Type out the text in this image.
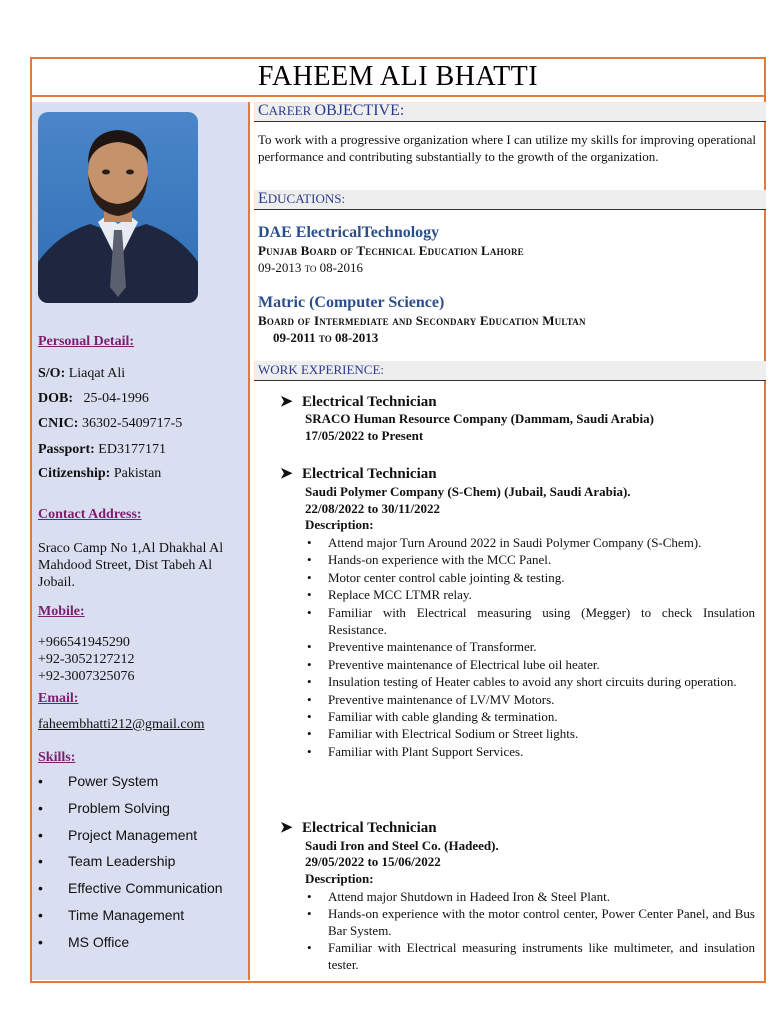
FAHEEM ALI BHATTI
Personal Detail:
S/O: Liaqat Ali
DOB:   25-04-1996
CNIC: 36302-5409717-5
Passport: ED3177171
Citizenship: Pakistan
Contact Address:
Sraco Camp No 1,Al Dhakhal Al Mahdood Street, Dist Tabeh Al Jobail.
Mobile:
+966541945290
+92-3052127212
+92-3007325076
Email:
faheembhatti212@gmail.com
Skills:
• Power System
• Problem Solving
• Project Management
• Team Leadership
• Effective Communication
• Time Management
• MS Office
CAREER OBJECTIVE:
To work with a progressive organization where I can utilize my skills for improving operational performance and contributing substantially to the growth of the organization.
EDUCATIONS:
DAE ElectricalTechnology
Punjab Board of Technical Education Lahore
09-2013 to 08-2016
Matric (Computer Science)
Board of Intermediate and Secondary Education Multan
09-2011 to 08-2013
WORK EXPERIENCE:
➤ Electrical Technician
SRACO Human Resource Company (Dammam, Saudi Arabia)
17/05/2022 to Present
➤ Electrical Technician
Saudi Polymer Company (S-Chem) (Jubail, Saudi Arabia).
22/08/2022 to 30/11/2022
Description:
• Attend major Turn Around 2022 in Saudi Polymer Company (S-Chem).
• Hands-on experience with the MCC Panel.
• Motor center control cable jointing & testing.
• Replace MCC LTMR relay.
• Familiar with Electrical measuring using (Megger) to check Insulation Resistance.
• Preventive maintenance of Transformer.
• Preventive maintenance of Electrical lube oil heater.
• Insulation testing of Heater cables to avoid any short circuits during operation.
• Preventive maintenance of LV/MV Motors.
• Familiar with cable glanding & termination.
• Familiar with Electrical Sodium or Street lights.
• Familiar with Plant Support Services.
➤ Electrical Technician
Saudi Iron and Steel Co. (Hadeed).
29/05/2022 to 15/06/2022
Description:
• Attend major Shutdown in Hadeed Iron & Steel Plant.
• Hands-on experience with the motor control center, Power Center Panel, and Bus Bar System.
• Familiar with Electrical measuring instruments like multimeter, and insulation tester.
